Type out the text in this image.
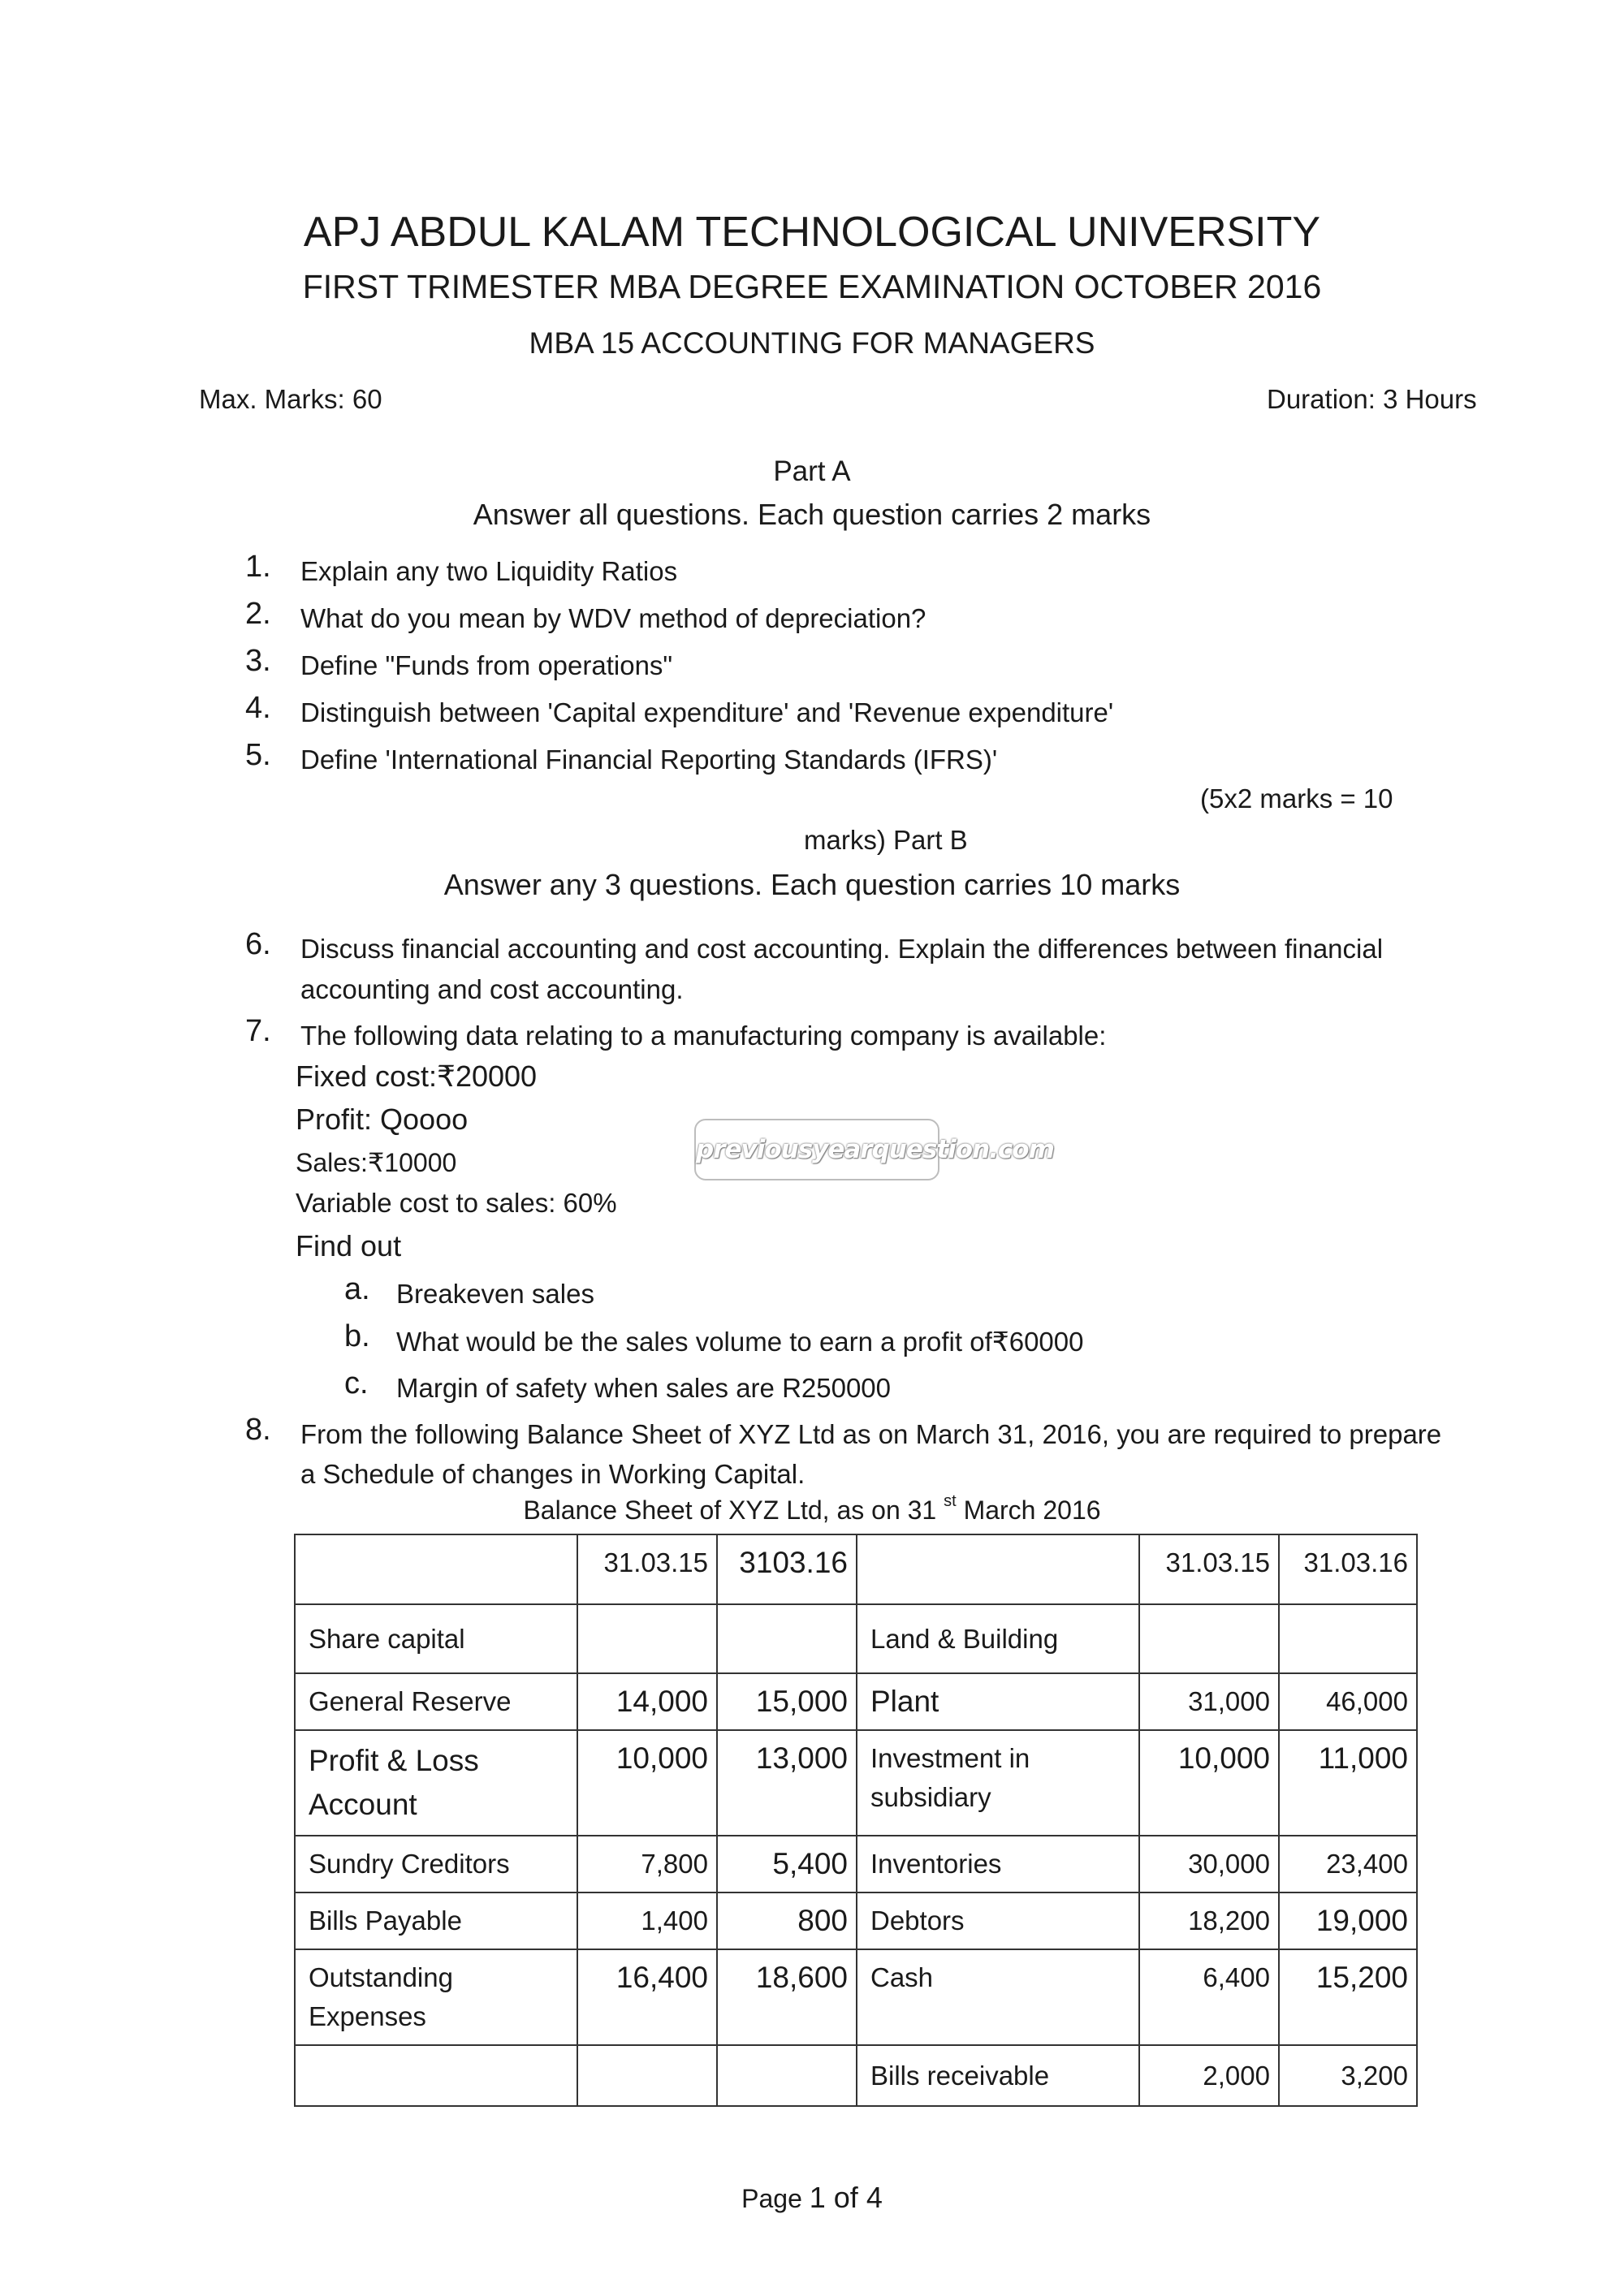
APJ ABDUL KALAM TECHNOLOGICAL UNIVERSITY
FIRST TRIMESTER MBA DEGREE EXAMINATION OCTOBER 2016
MBA 15 ACCOUNTING FOR MANAGERS
Max. Marks: 60	Duration: 3 Hours
Part A
Answer all questions. Each question carries 2 marks
1. Explain any two Liquidity Ratios
2. What do you mean by WDV method of depreciation?
3. Define "Funds from operations"
4. Distinguish between 'Capital expenditure' and 'Revenue expenditure'
5. Define 'International Financial Reporting Standards (IFRS)'
(5x2 marks = 10
marks) Part B
Answer any 3 questions. Each question carries 10 marks
6. Discuss financial accounting and cost accounting. Explain the differences between financial
accounting and cost accounting.
7. The following data relating to a manufacturing company is available:
Fixed cost:₹20000
Profit: Qoooo
Sales:₹10000
Variable cost to sales: 60%
Find out
a. Breakeven sales
b. What would be the sales volume to earn a profit of₹60000
c. Margin of safety when sales are R250000
8. From the following Balance Sheet of XYZ Ltd as on March 31, 2016, you are required to prepare
a Schedule of changes in Working Capital.
Balance Sheet of XYZ Ltd, as on 31 $^{st}$ March 2016
	31.03.15	3103.16		31.03.15	31.03.16
Share capital			Land & Building		
General Reserve	14,000	15,000	Plant	31,000	46,000
Profit & Loss Account	10,000	13,000	Investment in subsidiary	10,000	11,000
Sundry Creditors	7,800	5,400	Inventories	30,000	23,400
Bills Payable	1,400	800	Debtors	18,200	19,000
Outstanding Expenses	16,400	18,600	Cash	6,400	15,200
			Bills receivable	2,000	3,200
previousyearquestion.com
Page 1 of 4
